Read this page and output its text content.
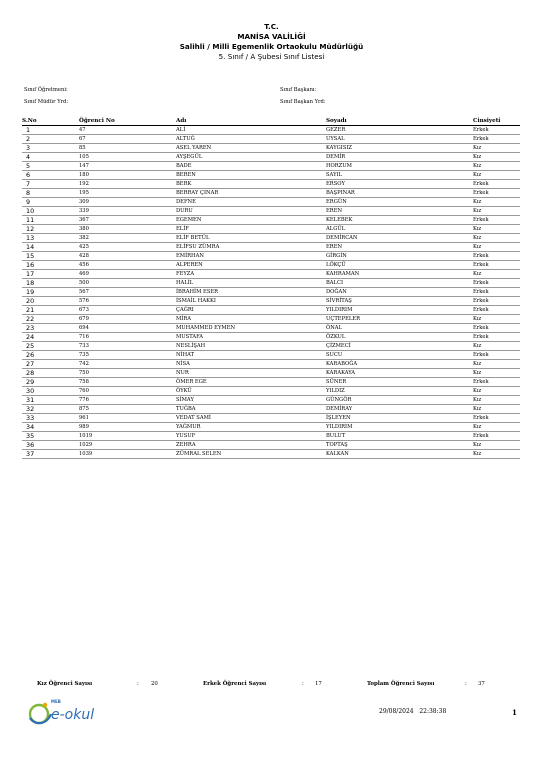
T.C.
MANİSA VALİLİĞİ
Salihli / Milli Egemenlik Ortaokulu Müdürlüğü
5. Sınıf / A Şubesi Sınıf Listesi
Sınıf Öğretmeni:
Sınıf Müdür Yrd:
Sınıf Başkanı:
Sınıf Başkan Yrd:
S.No	Öğrenci No	Adı	Soyadı	Cinsiyeti
1	47	ALİ	GEZER	Erkek
2	67	ALTUĞ	UYSAL	Erkek
3	85	ASEL YAREN	KAYGISIZ	Kız
4	105	AYŞEGÜL	DEMİR	Kız
5	147	BADE	HORZUM	Kız
6	180	BEREN	SAYIL	Kız
7	192	BERK	ERSOY	Erkek
8	195	BERRAY ÇINAR	BAŞPINAR	Erkek
9	309	DEFNE	ERGÜN	Kız
10	339	DURU	EREN	Kız
11	367	EGEMEN	KELEBEK	Erkek
12	380	ELİF	ALGÜL	Kız
13	382	ELİF BETÜL	DEMİRCAN	Kız
14	425	ELİFSU ZÜMRA	EREN	Kız
15	428	EMİRHAN	GİRGİN	Erkek
16	456	ALPEREN	LÖKÇÜ	Erkek
17	469	FEYZA	KAHRAMAN	Kız
18	500	HALİL	BALCI	Erkek
19	567	İBRAHİM ESER	DOĞAN	Erkek
20	576	İSMAİL HAKKI	SİVRİTAŞ	Erkek
21	673	ÇAĞRI	YILDIRIM	Erkek
22	679	MİRA	UÇTEPELER	Kız
23	694	MUHAMMED EYMEN	ÖNAL	Erkek
24	716	MUSTAFA	ÖZKUL	Erkek
25	733	NESLİŞAH	ÇİZMECİ	Kız
26	735	NİHAT	SUCU	Erkek
27	742	NİSA	KARABOĞA	Kız
28	750	NUR	KARAKAYA	Kız
29	758	ÖMER EGE	SÜNER	Erkek
30	760	ÖYKÜ	YILDIZ	Kız
31	776	SİMAY	GÜNGÖR	Kız
32	875	TUĞBA	DEMİRAY	Kız
33	961	VEDAT SAMİ	İŞLEYEN	Erkek
34	989	YAĞMUR	YILDIRIM	Kız
35	1019	YUSUF	BULUT	Erkek
36	1029	ZEHRA	TOPTAŞ	Kız
37	1039	ZÜMRAL SELEN	KALKAN	Kız
Kız Öğrenci Sayısı	: 20	Erkek Öğrenci Sayısı	: 17	Toplam Öğrenci Sayısı	: 37
MEB
e-okul	29/08/2024 22:38:38	1
